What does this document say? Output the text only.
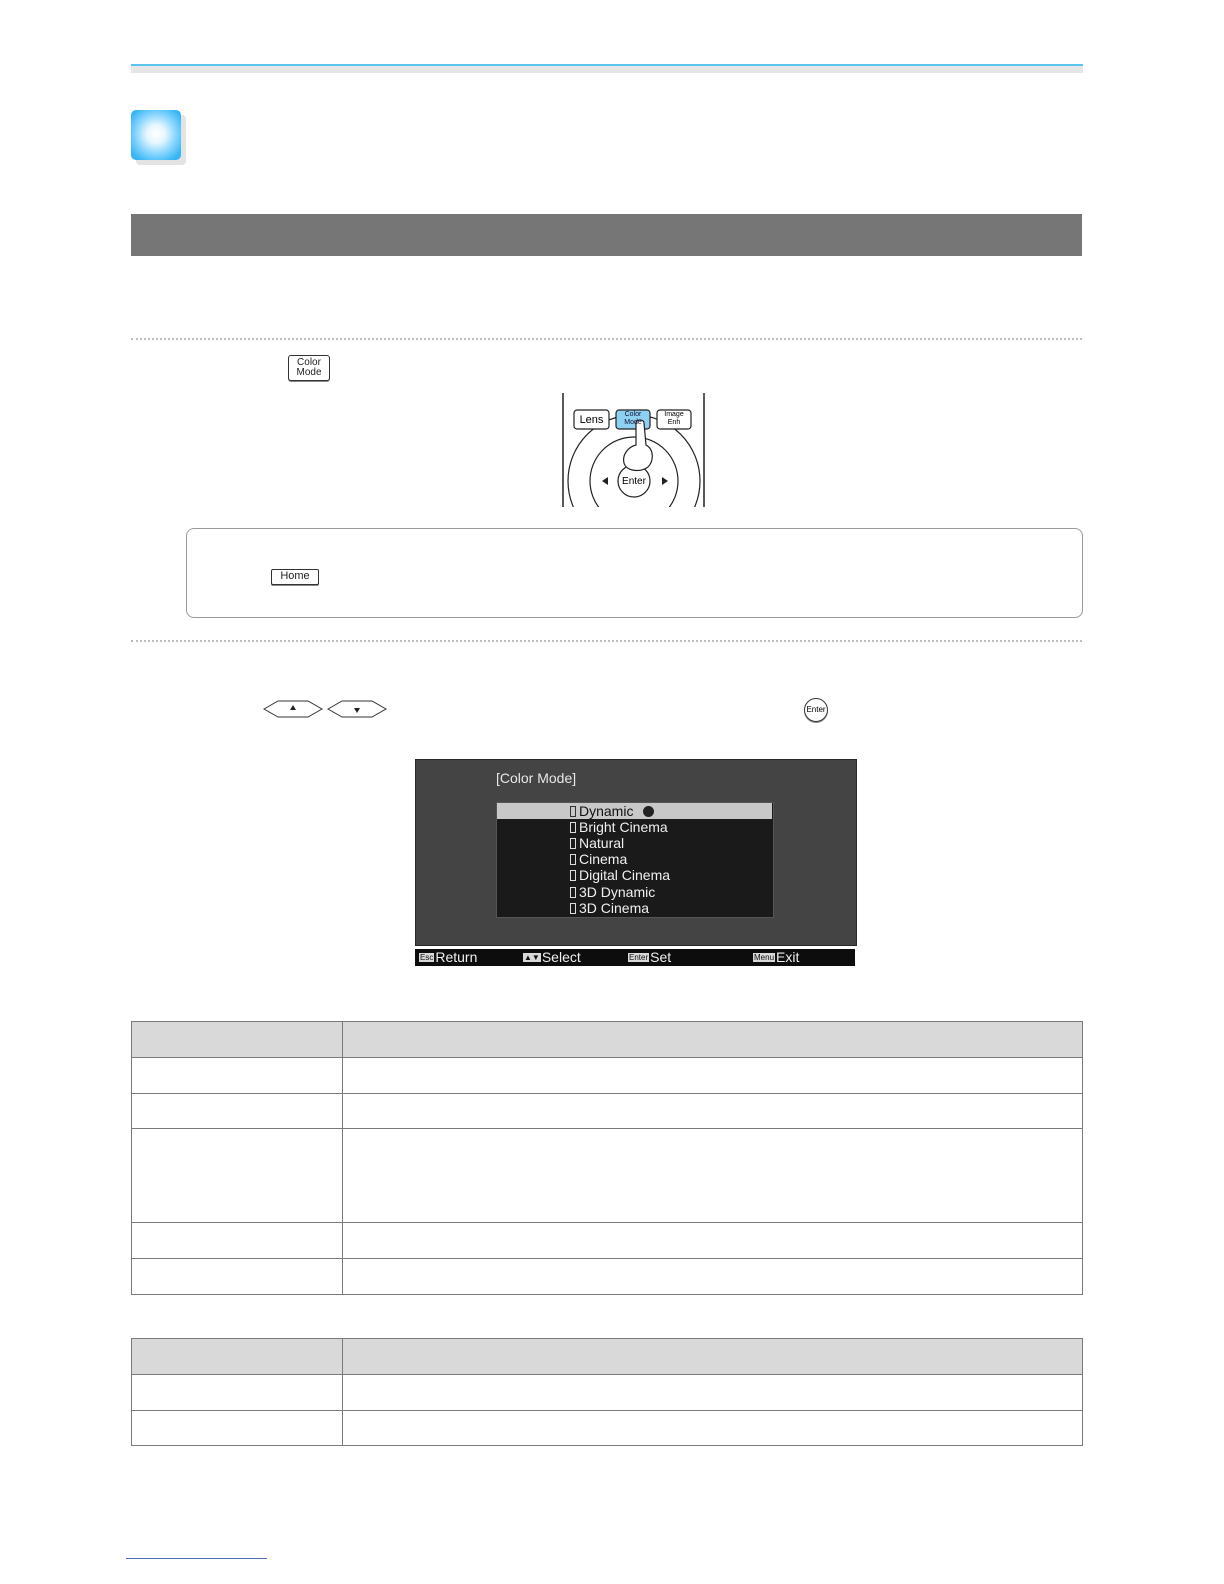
Color
Mode
Lens	Color
Mode
Image
Enh
Enter
Home
Enter
[Color Mode]
Dynamic
Bright Cinema
Natural
Cinema
Digital Cinema
3D Dynamic
3D Cinema
Esc Return	▲▼ Select	Enter Set	Menu Exit
